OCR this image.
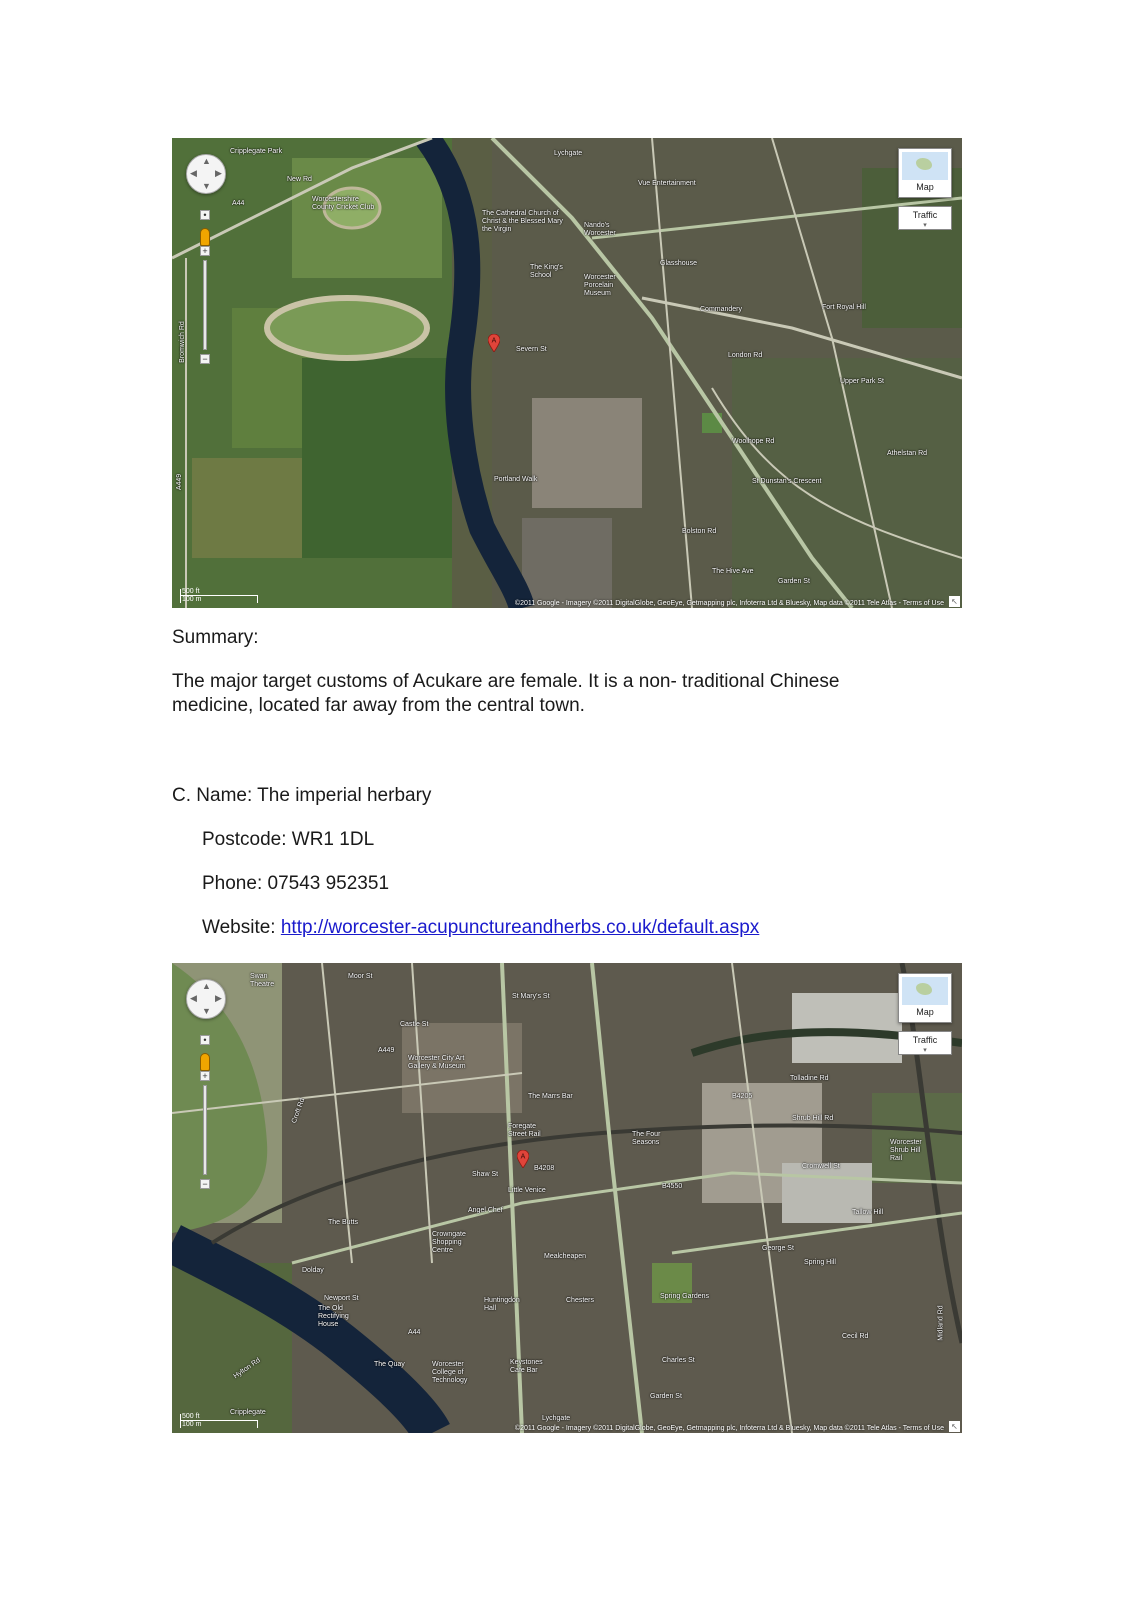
▲
▼
◀ ▶
•
+
−
Map
Traffic ▾
Cripplegate Park
New Rd
A44
Worcestershire County Cricket Club
The Cathedral Church of Christ & the Blessed Mary the Virgin
The King's School	Worcester Porcelain Museum
Nando's Worcester
Vue Entertainment
Glasshouse
Commandery
Severn St
London Rd
Fort Royal Hill
Athelstan Rd
Bromwich Rd
A449	Portland Walk
Garden St
Lychgate
Woolhope Rd
Bolston Rd
The Hive Ave
Upper Park St
St Dunstan's Crescent
A
500 ft
100 m
©2011 Google - Imagery ©2011 DigitalGlobe, GeoEye, Getmapping plc, Infoterra Ltd & Bluesky, Map data ©2011 Tele Atlas - Terms of Use ↖
Summary:
The major target customs of Acukare are female. It is a non- traditional Chinese
medicine, located far away from the central town.
C. Name: The imperial herbary
Postcode: WR1 1DL
Phone: 07543 952351
Website: http://worcester-acupunctureandherbs.co.uk/default.aspx
▲
▼
◀ ▶
•
+
−
Map
Traffic ▾
Swan Theatre
Moor St
Castle St
A449
Worcester City Art Gallery & Museum
St Mary's St
The Marrs Bar
Foregate Street Rail
Shaw St
B4208
Little Venice
The Four Seasons
Tolladine Rd
B4205
Shrub Hill Rd
Worcester Shrub Hill Rail
Cromwell St
Angel Chef
Crowngate Shopping Centre
The Butts
Newport St
The Old Rectifying House
Huntingdon Hall
Chesters
B4550
George St
Spring Gardens
Spring Hill
Cecil Rd
Tallow Hill
The Quay	Worcester College of Technology
Keystones Cafe Bar
Charles St
Garden St
Lychgate
Cripplegate
Croft Rd
Dolday
A44
Hylton Rd
Mealcheapen
Midland Rd
A
500 ft
100 m
©2011 Google - Imagery ©2011 DigitalGlobe, GeoEye, Getmapping plc, Infoterra Ltd & Bluesky, Map data ©2011 Tele Atlas - Terms of Use ↖
